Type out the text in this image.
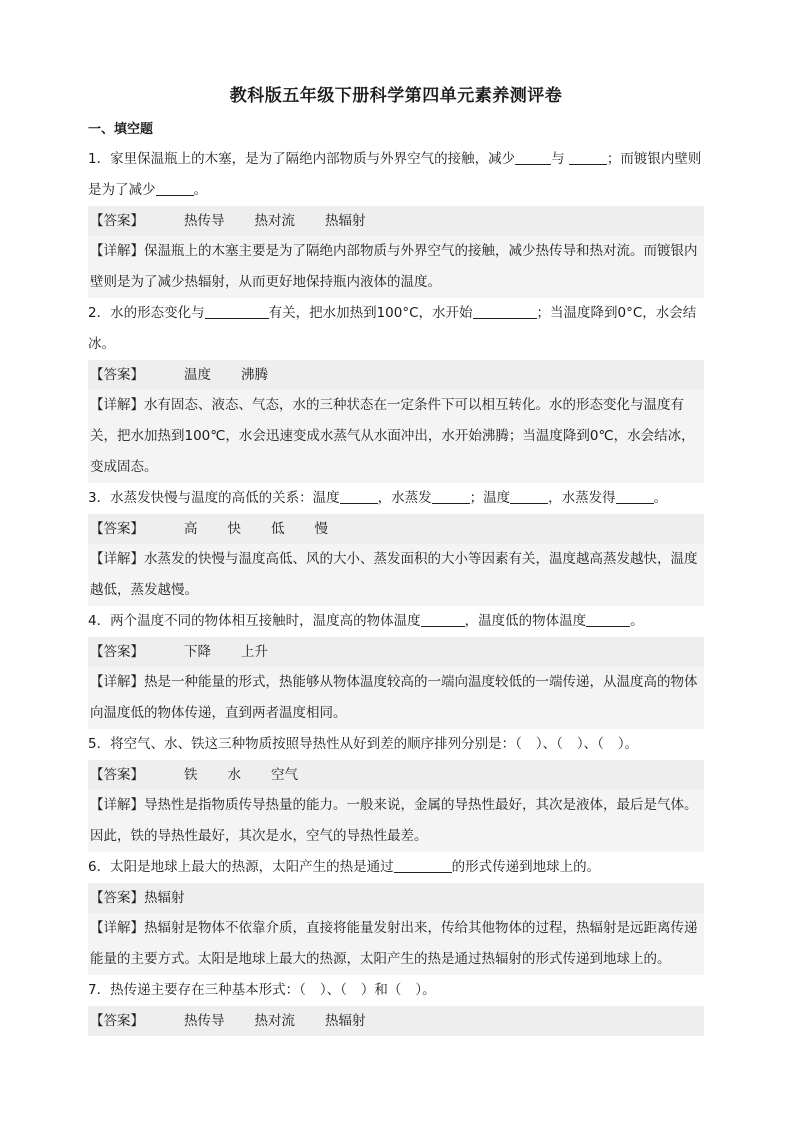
教科版五年级下册科学第四单元素养测评卷
一、填空题
1．家里保温瓶上的木塞，是为了隔绝内部物质与外界空气的接触，减少	与	；而镀银内壁则是为了减少	。
【答案】	热传导 热对流 热辐射
【详解】保温瓶上的木塞主要是为了隔绝内部物质与外界空气的接触，减少热传导和热对流。而镀银内壁则是为了减少热辐射，从而更好地保持瓶内液体的温度。
2．水的形态变化与	有关，把水加热到100°C，水开始	；当温度降到0°C，水会结冰。
【答案】	温度 沸腾
【详解】水有固态、液态、气态，水的三种状态在一定条件下可以相互转化。水的形态变化与温度有关，把水加热到100℃，水会迅速变成水蒸气从水面冲出，水开始沸腾；当温度降到0℃，水会结冰，变成固态。
3．水蒸发快慢与温度的高低的关系：温度	，水蒸发	；温度	，水蒸发得	。
【答案】	高 快 低 慢
【详解】水蒸发的快慢与温度高低、风的大小、蒸发面积的大小等因素有关，温度越高蒸发越快，温度越低，蒸发越慢。
4．两个温度不同的物体相互接触时，温度高的物体温度	，温度低的物体温度	。
【答案】	下降 上升
【详解】热是一种能量的形式，热能够从物体温度较高的一端向温度较低的一端传递，从温度高的物体向温度低的物体传递，直到两者温度相同。
5．将空气、水、铁这三种物质按照导热性从好到差的顺序排列分别是：（ ）、（ ）、（ ）。
【答案】	铁 水 空气
【详解】导热性是指物质传导热量的能力。一般来说，金属的导热性最好，其次是液体，最后是气体。因此，铁的导热性最好，其次是水，空气的导热性最差。
6．太阳是地球上最大的热源，太阳产生的热是通过	的形式传递到地球上的。
【答案】热辐射
【详解】热辐射是物体不依靠介质，直接将能量发射出来，传给其他物体的过程，热辐射是远距离传递能量的主要方式。太阳是地球上最大的热源，太阳产生的热是通过热辐射的形式传递到地球上的。
7．热传递主要存在三种基本形式：（ ）、（ ）和（ ）。
【答案】	热传导 热对流 热辐射
